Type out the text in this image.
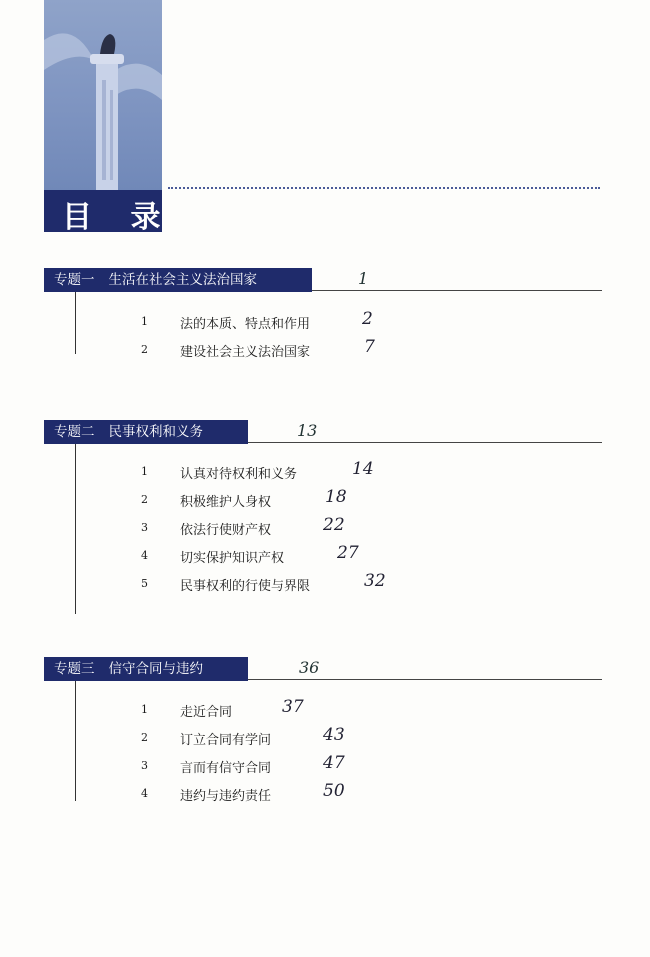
目 录
专题一 生活在社会主义法治国家	1
1 法的本质、特点和作用	2
2 建设社会主义法治国家	7
专题二 民事权利和义务	13
1 认真对待权利和义务	14
2 积极维护人身权	18
3 依法行使财产权	22
4 切实保护知识产权	27
5 民事权利的行使与界限	32
专题三 信守合同与违约	36
1 走近合同	37
2 订立合同有学问	43
3 言而有信守合同	47
4 违约与违约责任	50
